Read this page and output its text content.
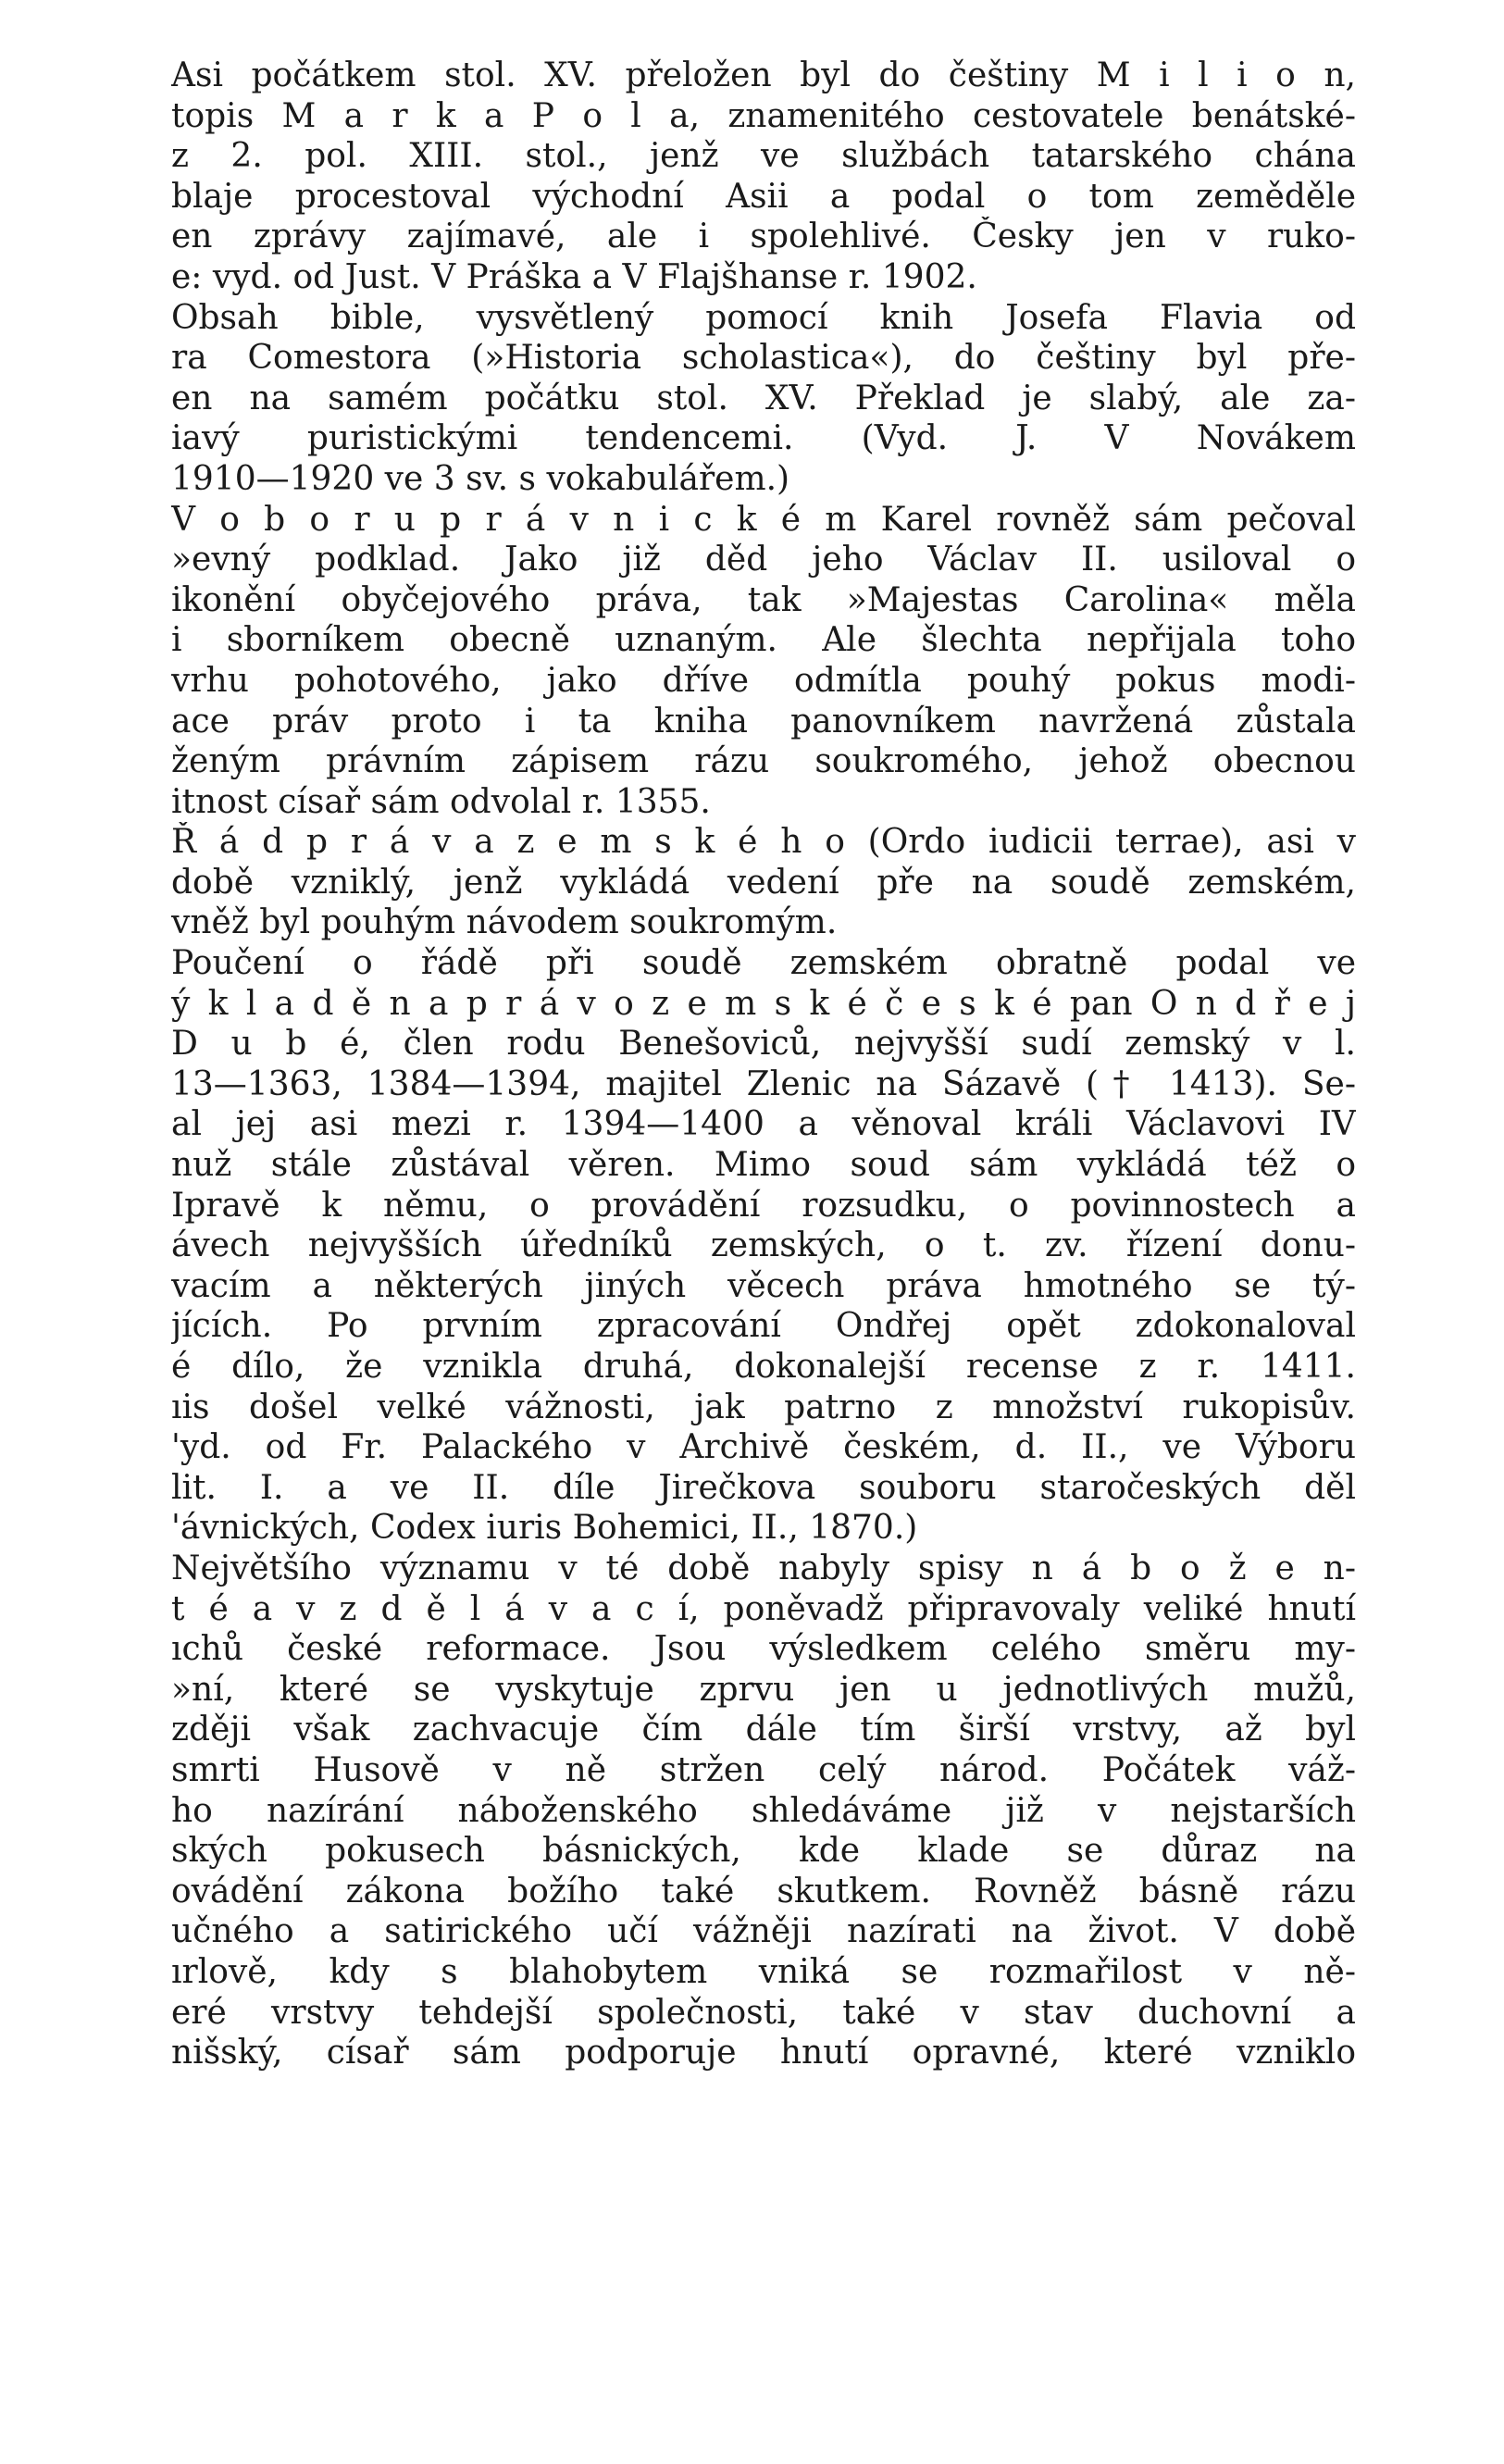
Asi počátkem stol. XV. přeložen byl do češtiny M i l i o n,
topis M a r k a P o l a, znamenitého cestovatele benátské-
z 2. pol. XIII. stol., jenž ve službách tatarského chána
blaje procestoval východní Asii a podal o tom zeměděle
en zprávy zajímavé, ale i spolehlivé. Česky jen v ruko-
e: vyd. od Just. V Práška a V Flajšhanse r. 1902.
Obsah bible, vysvětlený pomocí knih Josefa Flavia od
ra Comestora (»Historia scholastica«), do češtiny byl pře-
en na samém počátku stol. XV. Překlad je slabý, ale za-
iavý puristickými tendencemi. (Vyd. J. V Novákem
1910—1920 ve 3 sv. s vokabulářem.)
V o b o r u p r á v n i c k é m Karel rovněž sám pečoval
»evný podklad. Jako již děd jeho Václav II. usiloval o
ikonění obyčejového práva, tak »Majestas Carolina« měla
i sborníkem obecně uznaným. Ale šlechta nepřijala toho
vrhu pohotového, jako dříve odmítla pouhý pokus modi-
ace práv proto i ta kniha panovníkem navržená zůstala
ženým právním zápisem rázu soukromého, jehož obecnou
itnost císař sám odvolal r. 1355.
Ř á d p r á v a z e m s k é h o (Ordo iudicii terrae), asi v
době vzniklý, jenž vykládá vedení pře na soudě zemském,
vněž byl pouhým návodem soukromým.
Poučení o řádě při soudě zemském obratně podal ve
ý k l a d ě n a p r á v o z e m s k é č e s k é pan O n d ř e j
D u b é, člen rodu Benešoviců, nejvyšší sudí zemský v l.
13—1363, 1384—1394, majitel Zlenic na Sázavě († 1413). Se-
al jej asi mezi r. 1394—1400 a věnoval králi Václavovi IV
nuž stále zůstával věren. Mimo soud sám vykládá též o
Ipravě k němu, o provádění rozsudku, o povinnostech a
ávech nejvyšších úředníků zemských, o t. zv. řízení donu-
vacím a některých jiných věcech práva hmotného se tý-
jících. Po prvním zpracování Ondřej opět zdokonaloval
é dílo, že vznikla druhá, dokonalejší recense z r. 1411.
ıis došel velké vážnosti, jak patrno z množství rukopisův.
'yd. od Fr. Palackého v Archivě českém, d. II., ve Výboru
lit. I. a ve II. díle Jirečkova souboru staročeských děl
'ávnických, Codex iuris Bohemici, II., 1870.)
Největšího významu v té době nabyly spisy n á b o ž e n-
t é a v z d ě l á v a c í, poněvadž připravovaly veliké hnutí
ıchů české reformace. Jsou výsledkem celého směru my-
»ní, které se vyskytuje zprvu jen u jednotlivých mužů,
zději však zachvacuje čím dále tím širší vrstvy, až byl
smrti Husově v ně stržen celý národ. Počátek váž-
ho nazírání náboženského shledáváme již v nejstarších
ských pokusech básnických, kde klade se důraz na
ovádění zákona božího také skutkem. Rovněž básně rázu
učného a satirického učí vážněji nazírati na život. V době
ırlově, kdy s blahobytem vniká se rozmařilost v ně-
eré vrstvy tehdejší společnosti, také v stav duchovní a
nišský, císař sám podporuje hnutí opravné, které vzniklo
